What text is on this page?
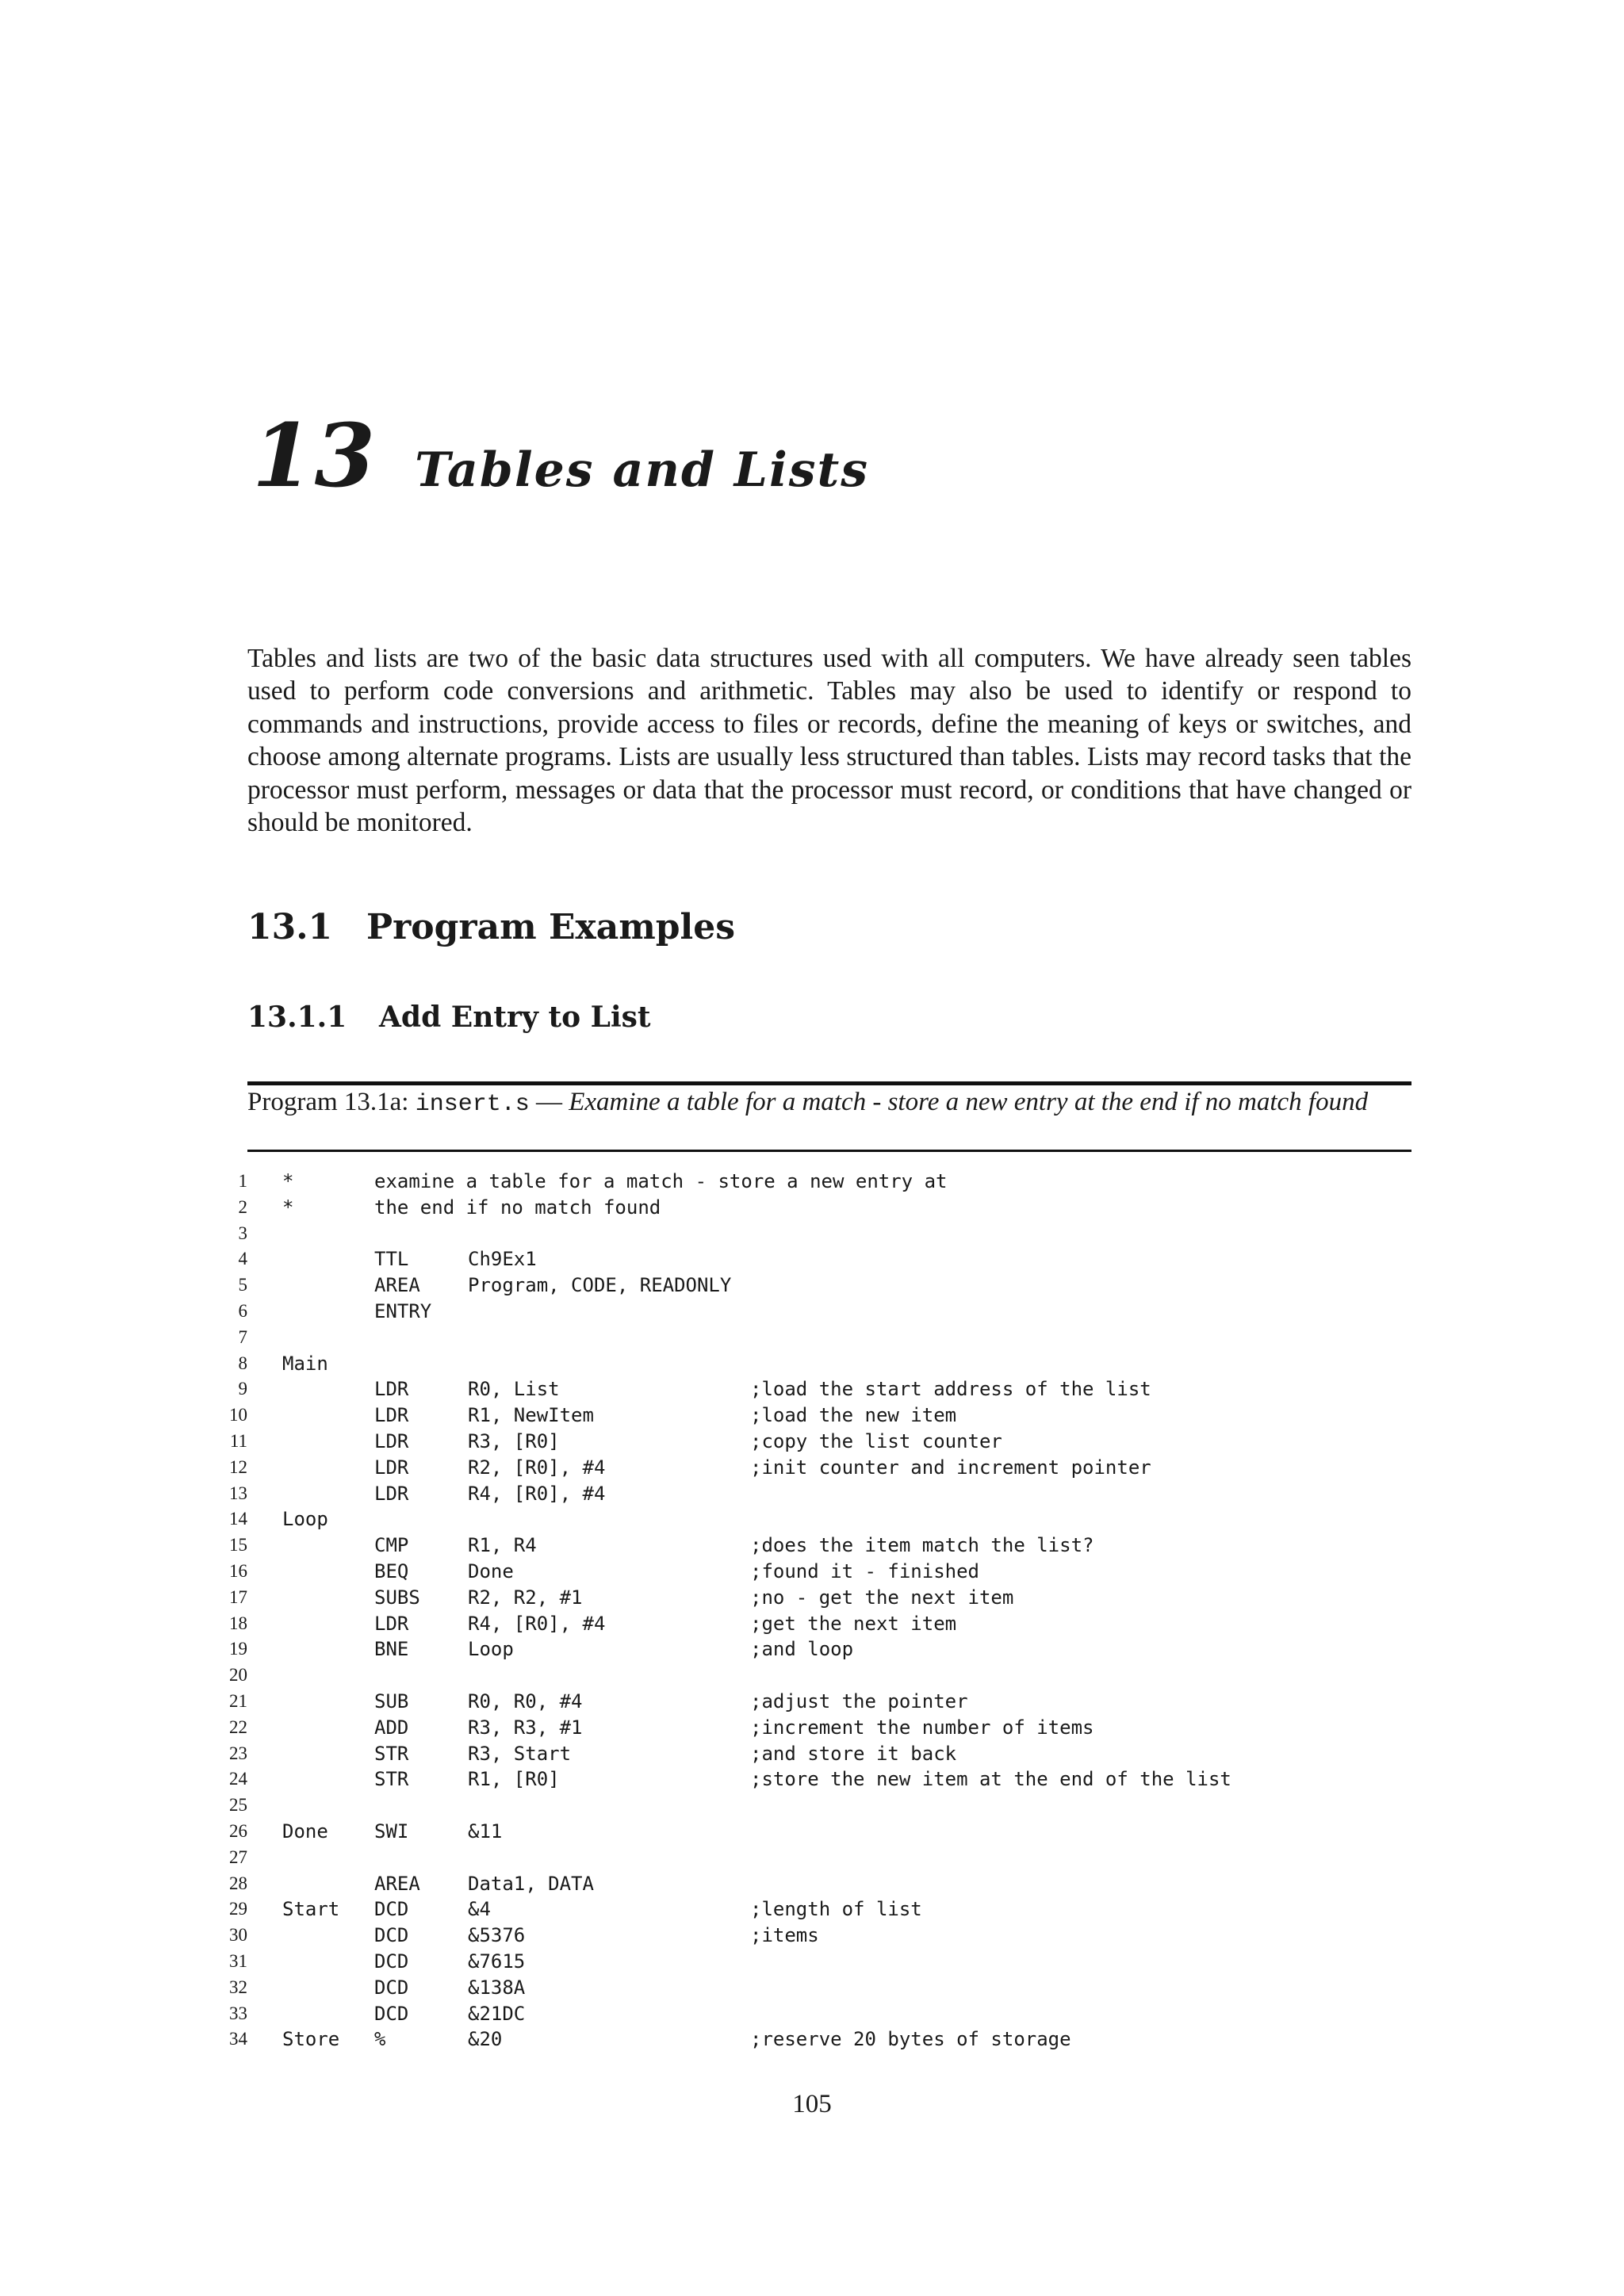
13 Tables and Lists

Tables and lists are two of the basic data structures used with all computers. We have already seen tables used to perform code conversions and arithmetic. Tables may also be used to identify or respond to commands and instructions, provide access to files or records, define the meaning of keys or switches, and choose among alternate programs. Lists are usually less structured than tables. Lists may record tasks that the processor must perform, messages or data that the processor must record, or conditions that have changed or should be monitored.

13.1 Program Examples
13.1.1 Add Entry to List

Program 13.1a: insert.s — Examine a table for a match - store a new entry at the end if no match found

1 *	examine a table for a match - store a new entry at
2 *	the end if no match found
3
4	TTL	Ch9Ex1
5	AREA	Program, CODE, READONLY
6	ENTRY
7
8 Main
9	LDR	R0, List	;load the start address of the list
10	LDR	R1, NewItem	;load the new item
11	LDR	R3, [R0]	;copy the list counter
12	LDR	R2, [R0], #4	;init counter and increment pointer
13	LDR	R4, [R0], #4
14 Loop
15	CMP	R1, R4	;does the item match the list?
16	BEQ	Done	;found it - finished
17	SUBS	R2, R2, #1	;no - get the next item
18	LDR	R4, [R0], #4	;get the next item
19	BNE	Loop	;and loop
20
21	SUB	R0, R0, #4	;adjust the pointer
22	ADD	R3, R3, #1	;increment the number of items
23	STR	R3, Start	;and store it back
24	STR	R1, [R0]	;store the new item at the end of the list
25
26 Done SWI	&11
27
28	AREA	Data1, DATA
29 Start DCD	&4	;length of list
30	DCD	&5376	;items
31	DCD	&7615
32	DCD	&138A
33	DCD	&21DC
34 Store %	&20	;reserve 20 bytes of storage
105
